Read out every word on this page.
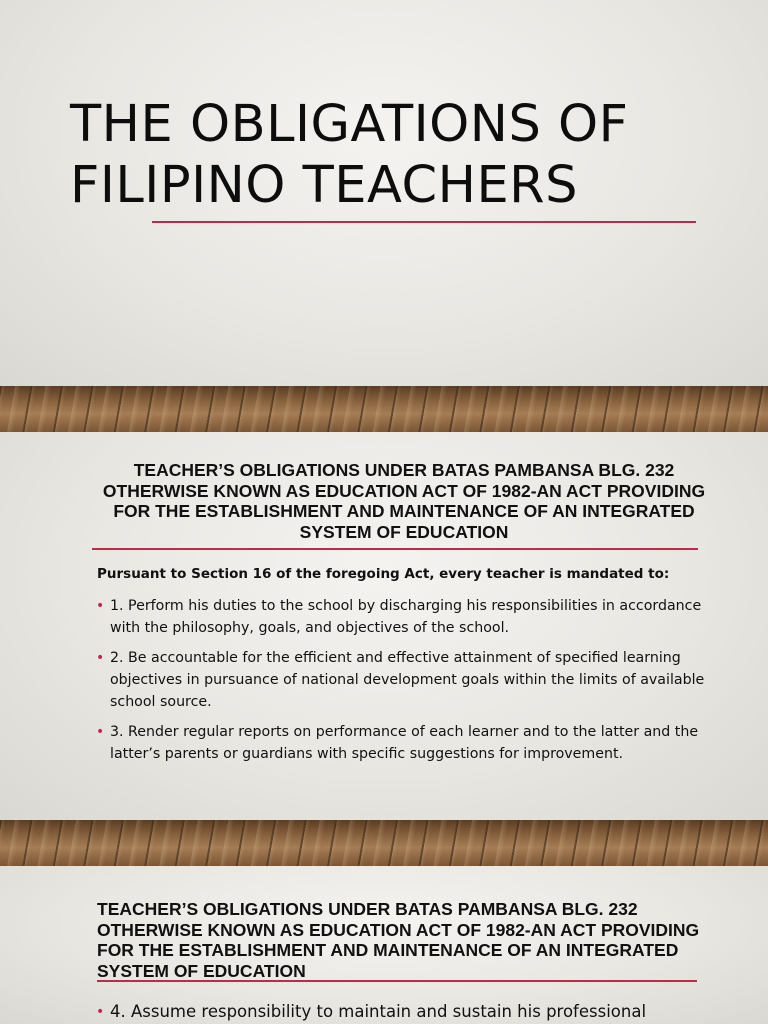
THE OBLIGATIONS OF
FILIPINO TEACHERS
TEACHER’S OBLIGATIONS UNDER BATAS PAMBANSA BLG. 232 OTHERWISE KNOWN AS EDUCATION ACT OF 1982-AN ACT PROVIDING FOR THE ESTABLISHMENT AND MAINTENANCE OF AN INTEGRATED SYSTEM OF EDUCATION

Pursuant to Section 16 of the foregoing Act, every teacher is mandated to:

• 1. Perform his duties to the school by discharging his responsibilities in accordance with the philosophy, goals, and objectives of the school.
• 2. Be accountable for the efficient and effective attainment of specified learning objectives in pursuance of national development goals within the limits of available school source.
• 3. Render regular reports on performance of each learner and to the latter and the latter’s parents or guardians with specific suggestions for improvement.
TEACHER’S OBLIGATIONS UNDER BATAS PAMBANSA BLG. 232 OTHERWISE KNOWN AS EDUCATION ACT OF 1982-AN ACT PROVIDING FOR THE ESTABLISHMENT AND MAINTENANCE OF AN INTEGRATED SYSTEM OF EDUCATION
• 4. Assume responsibility to maintain and sustain his professional
